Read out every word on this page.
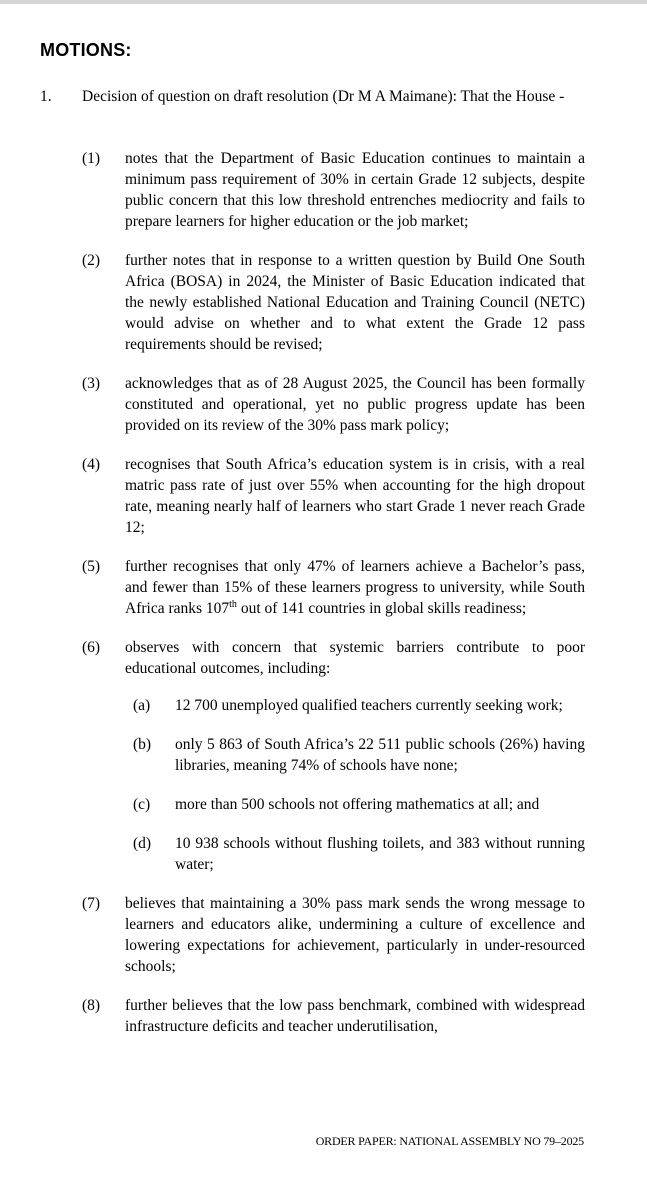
MOTIONS:
1. Decision of question on draft resolution (Dr M A Maimane): That the House -
(1) notes that the Department of Basic Education continues to maintain a minimum pass requirement of 30% in certain Grade 12 subjects, despite public concern that this low threshold entrenches mediocrity and fails to prepare learners for higher education or the job market;
(2) further notes that in response to a written question by Build One South Africa (BOSA) in 2024, the Minister of Basic Education indicated that the newly established National Education and Training Council (NETC) would advise on whether and to what extent the Grade 12 pass requirements should be revised;
(3) acknowledges that as of 28 August 2025, the Council has been formally constituted and operational, yet no public progress update has been provided on its review of the 30% pass mark policy;
(4) recognises that South Africa’s education system is in crisis, with a real matric pass rate of just over 55% when accounting for the high dropout rate, meaning nearly half of learners who start Grade 1 never reach Grade 12;
(5) further recognises that only 47% of learners achieve a Bachelor’s pass, and fewer than 15% of these learners progress to university, while South Africa ranks 107th out of 141 countries in global skills readiness;
(6) observes with concern that systemic barriers contribute to poor educational outcomes, including:
(a) 12 700 unemployed qualified teachers currently seeking work;
(b) only 5 863 of South Africa’s 22 511 public schools (26%) having libraries, meaning 74% of schools have none;
(c) more than 500 schools not offering mathematics at all; and
(d) 10 938 schools without flushing toilets, and 383 without running water;
(7) believes that maintaining a 30% pass mark sends the wrong message to learners and educators alike, undermining a culture of excellence and lowering expectations for achievement, particularly in under-resourced schools;
(8) further believes that the low pass benchmark, combined with widespread infrastructure deficits and teacher underutilisation,
ORDER PAPER: NATIONAL ASSEMBLY NO 79–2025
